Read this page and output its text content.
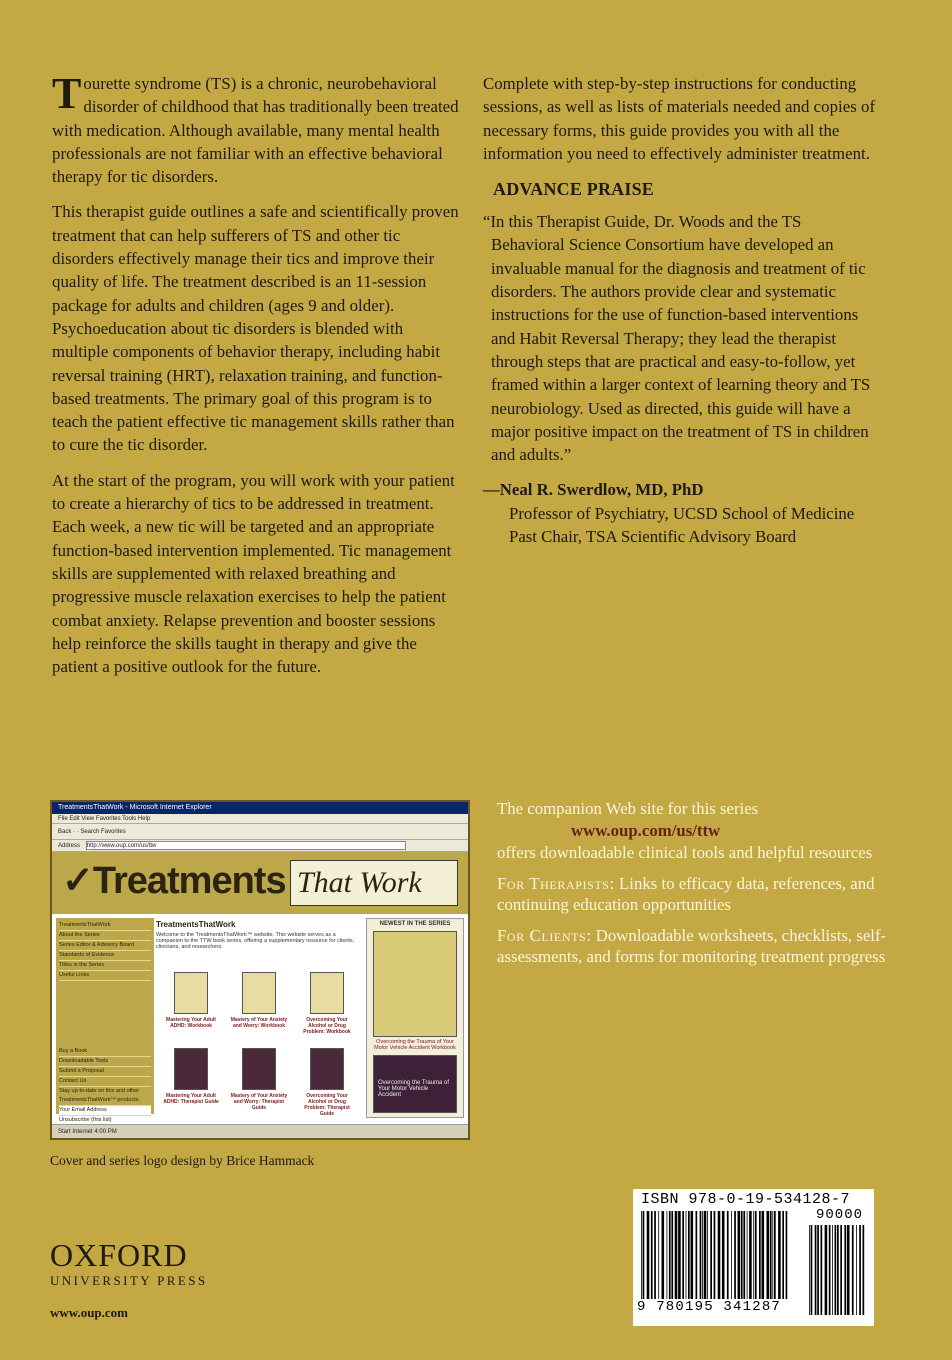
Tourette syndrome (TS) is a chronic, neurobehavioral disorder of childhood that has traditionally been treated with medication. Although available, many mental health professionals are not familiar with an effective behavioral therapy for tic disorders.

This therapist guide outlines a safe and scientifically proven treatment that can help sufferers of TS and other tic disorders effectively manage their tics and improve their quality of life. The treatment described is an 11-session package for adults and children (ages 9 and older). Psychoeducation about tic disorders is blended with multiple components of behavior therapy, including habit reversal training (HRT), relaxation training, and function-based treatments. The primary goal of this program is to teach the patient effective tic management skills rather than to cure the tic disorder.

At the start of the program, you will work with your patient to create a hierarchy of tics to be addressed in treatment. Each week, a new tic will be targeted and an appropriate function-based intervention implemented. Tic management skills are supplemented with relaxed breathing and progressive muscle relaxation exercises to help the patient combat anxiety. Relapse prevention and booster sessions help reinforce the skills taught in therapy and give the patient a positive outlook for the future.

Complete with step-by-step instructions for conducting sessions, as well as lists of materials needed and copies of necessary forms, this guide provides you with all the information you need to effectively administer treatment.

ADVANCE PRAISE
“In this Therapist Guide, Dr. Woods and the TS
Behavioral Science Consortium have developed an invaluable manual for the diagnosis and treatment of tic disorders. The authors provide clear and systematic instructions for the use of function-based interventions and Habit Reversal Therapy; they lead the therapist through steps that are practical and easy-to-follow, yet framed within a larger context of learning theory and TS neurobiology. Used as directed, this guide will have a major positive impact on the treatment of TS in children and adults.”
—Neal R. Swerdlow, MD, PhD
Professor of Psychiatry, UCSD School of Medicine
Past Chair, TSA Scientific Advisory Board
TreatmentsThatWork - Microsoft Internet Explorer
File Edit View Favorites Tools Help
Back · · Search Favorites
Address http://www.oup.com/us/ttw
✓Treatments That Work
TreatmentsThatWork
About the Series
Series Editor & Advisory Board
Standards of Evidence
Titles in the Series
Useful Links
Buy a Book
Downloadable Tools
Submit a Proposal
Contact Us
Stay up-to-date on this and other TreatmentsThatWork™ products.
Your Email Address
Unsubscribe (this list)
TreatmentsThatWork
Welcome to the TreatmentsThatWork™ website. This website serves as a companion to the TTW book series, offering a supplementary resource for clients, clinicians, and researchers.
Mastering Your Adult ADHD: Workbook
Mastery of Your Anxiety and Worry: Workbook
Overcoming Your Alcohol or Drug Problem: Workbook
Mastering Your Adult ADHD: Therapist Guide
Mastery of Your Anxiety and Worry: Therapist Guide
Overcoming Your Alcohol or Drug Problem: Therapist Guide
NEWEST IN THE SERIES
Overcoming the Trauma of Your Motor Vehicle Accident Workbook
Overcoming the Trauma of Your Motor Vehicle Accident
Start Internet 4:00 PM
Cover and series logo design by Brice Hammack
The companion Web site for this series
www.oup.com/us/ttw
offers downloadable clinical tools and helpful resources
For Therapists: Links to efficacy data, references, and continuing education opportunities
For Clients: Downloadable worksheets, checklists, self-assessments, and forms for monitoring treatment progress
OXFORD
UNIVERSITY PRESS
www.oup.com
ISBN 978-0-19-534128-7
90000
9 780195 341287
